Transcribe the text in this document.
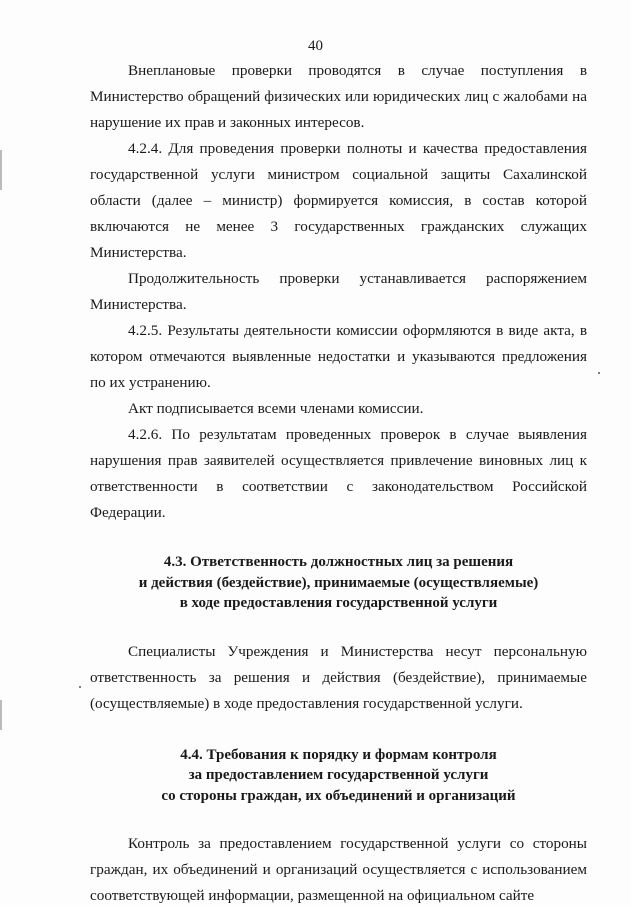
40

Внеплановые проверки проводятся в случае поступления в Министерство обращений физических или юридических лиц с жалобами на нарушение их прав и законных интересов.

4.2.4. Для проведения проверки полноты и качества предоставления государственной услуги министром социальной защиты Сахалинской области (далее – министр) формируется комиссия, в состав которой включаются не менее 3 государственных гражданских служащих Министерства.

Продолжительность проверки устанавливается распоряжением Министерства.

4.2.5. Результаты деятельности комиссии оформляются в виде акта, в котором отмечаются выявленные недостатки и указываются предложения по их устранению.

Акт подписывается всеми членами комиссии.

4.2.6. По результатам проведенных проверок в случае выявления нарушения прав заявителей осуществляется привлечение виновных лиц к ответственности в соответствии с законодательством Российской Федерации.

4.3. Ответственность должностных лиц за решения
и действия (бездействие), принимаемые (осуществляемые)
в ходе предоставления государственной услуги

Специалисты Учреждения и Министерства несут персональную ответственность за решения и действия (бездействие), принимаемые (осуществляемые) в ходе предоставления государственной услуги.

4.4. Требования к порядку и формам контроля
за предоставлением государственной услуги
со стороны граждан, их объединений и организаций

Контроль за предоставлением государственной услуги со стороны граждан, их объединений и организаций осуществляется с использованием соответствующей информации, размещенной на официальном сайте
